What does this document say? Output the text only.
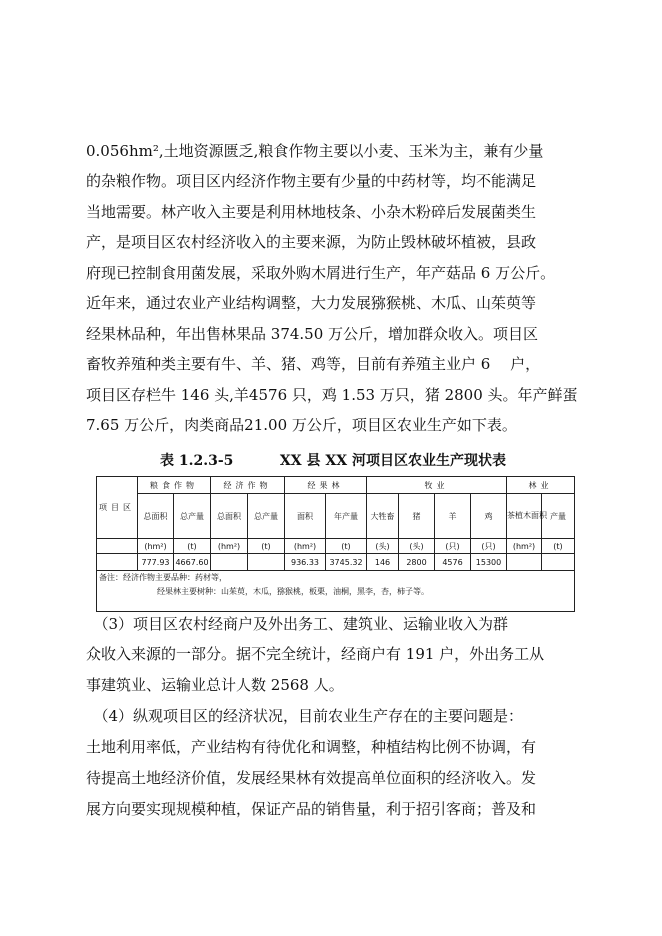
0.056hm²,土地资源匮乏,粮食作物主要以小麦、玉米为主，兼有少量
的杂粮作物。项目区内经济作物主要有少量的中药材等，均不能满足
当地需要。林产收入主要是利用林地枝条、小杂木粉碎后发展菌类生
产，是项目区农村经济收入的主要来源，为防止毁林破坏植被，县政
府现已控制食用菌发展，采取外购木屑进行生产，年产菇品 6 万公斤。
近年来，通过农业产业结构调整，大力发展猕猴桃、木瓜、山茱萸等
经果林品种，年出售林果品 374.50 万公斤，增加群众收入。项目区
畜牧养殖种类主要有牛、羊、猪、鸡等，目前有养殖主业户 6　 户，
项目区存栏牛 146 头,羊4576 只，鸡 1.53 万只，猪 2800 头。年产鲜蛋
7.65 万公斤，肉类商品21.00 万公斤，项目区农业生产如下表。
表 1.2.3-5	XX 县 XX 河项目区农业生产现状表
项目区	粮食作物		经济作物		经果林		牧业				林业	
	总面积	总产量	总面积	总产量	面积	年产量	大牲畜	猪	羊	鸡	茶植木面积	产量
	(hm²)	(t)	(hm²)	(t)	(hm²)	(t)	(头)	(头)	(只)	(只)	(hm²)	(t)
	777.93	4667.60			936.33	3745.32	146	2800	4576	15300		

备注：经济作物主要品种：药材等，
经果林主要树种：山茱萸，木瓜，猕猴桃，板栗，油桐，黑李，杏，柿子等。												
　（3）项目区农村经商户及外出务工、建筑业、运输业收入为群
众收入来源的一部分。据不完全统计，经商户有 191 户，外出务工从
事建筑业、运输业总计人数 2568 人。
　（4）纵观项目区的经济状况，目前农业生产存在的主要问题是：
土地利用率低，产业结构有待优化和调整，种植结构比例不协调，有
待提高土地经济价值，发展经果林有效提高单位面积的经济收入。发
展方向要实现规模种植，保证产品的销售量，利于招引客商；普及和
